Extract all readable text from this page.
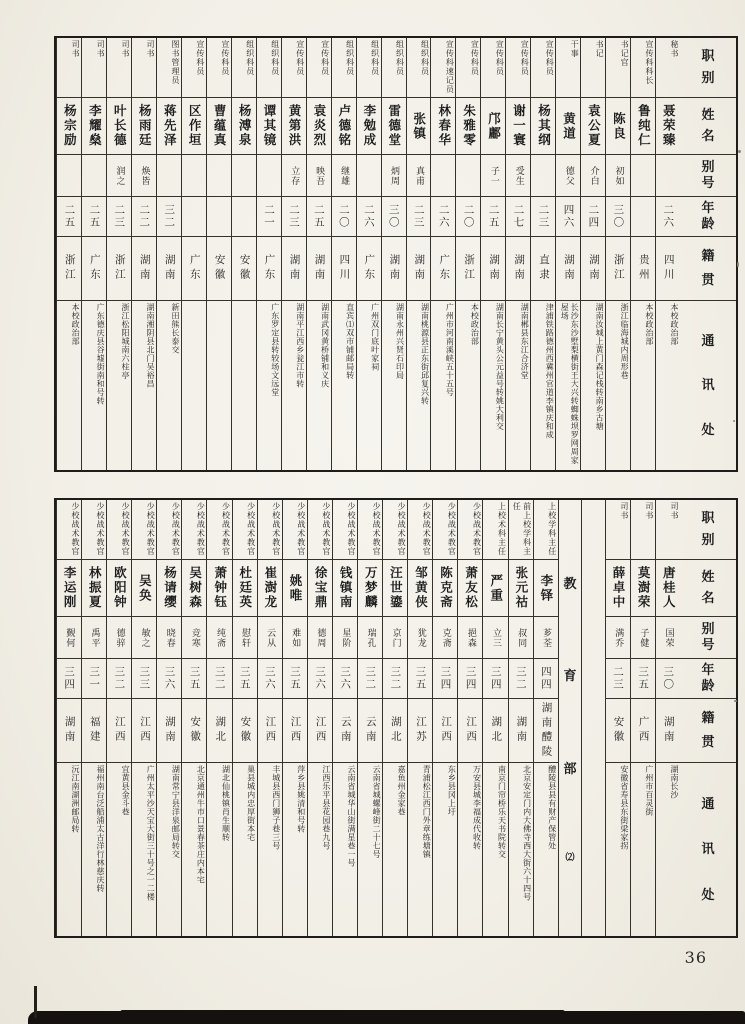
职
别
姓
名
别
号
年
龄
籍
贯
通
讯
处
秘书
聂荣臻
二六
四川
本校政治部
宣传科科长
鲁纯仁
贵州
本校政治部
书记官
陈良
初如
三〇
浙江
浙江临海城内周形巷
书记
袁公夏
介白
二四
湖南
湖南汝城上黄门森记栈转南乡古塘
干事
黄道
德父
四六
湖南
长沙东沙墅梨横街王大兴转蜘蛛坝罗网周家屋场
宣传科员
杨其纲
二三
直隶
津浦铁路德州西冀州官道李镇庆和成
宣传科员
谢一寰
受生
二七
湖南
湖南郴县东江合济堂
宣传科员
邝鄘
子一
二五
湖南
湖南长宁黄头公元益号转姚大利交
宣传科员
朱雅零
二〇
浙江
本校政治部
宣传科速记员
林春华
二六
广东
广州市河南溪峡五十五号
组织科员
张镇
真甫
二三
湖南
湖南桃源县正东街邱复兴转
组织科员
雷德堂
炳周
三〇
湖南
湖南永州兴贤石印局
组织科员
李勉成
二六
广东
广州双门底叶家祠
组织科员
卢德铭
继雄
二〇
四川
直宾⑴双市铺邮局转
宣传科员
袁炎烈
映吾
二五
湖南
湖南武冈黄桥铺和义庆
宣传科员
黄第洪
立存
二三
湖南
湖南平江西乡瓮江市转
组织科员
谭其镜
二一
广东
广东罗定县转较场文远堂
组织科员
杨溥泉
安徽
宣传科员
曹蕴真
安徽
宣传科员
区作垣
广东
图书管理员
蒋先泽
三二
湖南
新田熊长泰交
司书
杨雨廷
焕皆
二二
湖南
湖南湘阴县北门吴裕昌
司书
叶长德
润之
二三
浙江
浙江松阳城南六柱亭
司书
李耀燊
二五
广东
广东德庆县谷墟街南和号转
司书
杨宗励
二五
浙江
本校政治部
职
别
姓
名
别
号
年
龄
籍
贯
通
讯
处
司书
唐桂人
国荣
三〇
湖南
湖南长沙
司书
莫澍荣
子健
三五
广西
广州市百灵街
司书
薛卓中
满乔
二三
安徽
安徽省寿县东街梁家拐
教
育
部
⑵
上校学科主任
李铎
芗荃
四四
湖南醴陵
醴陵县县有财产保管处
前上校学科主任
张元祜
叔同
三二
湖南
北京安定门内大佛寺西大街六十四号
上校术科主任
严重
立三
三四
湖北
南京门帘桥乐天书院转交
少校战术教官
萧友松
挹森
三四
江西
万安县城李福成代收转
少校战术教官
陈克斋
克斋
三四
江西
东乡县冈上圩
少校战术教官
邹黄侠
犹龙
三五
江苏
青浦松江西门外章练塘镇
少校战术教官
汪世鎏
京门
三二
湖北
嘉鱼州金家巷
少校战术教官
万梦麟
瑞孔
三二
云南
云南省城螺峰街二十七号
少校战术教官
钱镇南
星阶
三六
云南
云南省城华山街满星巷一号
少校战术教官
徐宝鼎
德周
三六
江西
江西乐平县花园巷九号
少校战术教官
姚唯
难如
三五
江西
萍乡县姚清和号转
少校战术教官
崔澍龙
云从
三六
江西
丰城县西门狮子巷三号
少校战术教官
杜廷英
慰轩
三五
安徽
巢县城内忠厚街本宅
少校战术教官
萧钟钰
纯斋
三二
湖北
湖北仙桃镇肖生顺转
少校战术教官
吴树森
竞寒
三五
安徽
北京通州牛市口景春茶庄内本宅
少校战术教官
杨请缨
晓春
三六
湖南
湖南常宁县洋泉邮局转交
少校战术教官
吴奂
敏之
三三
江西
广州太平沙天宝大街三十号之一二楼
少校战术教官
欧阳钟
德骍
三二
江西
宜黄县金斗巷
少校战术教官
林振夏
禹平
三一
福建
福州南台泛船浦太古洋行林慈庆转
少校战术教官
李运刚
觐何
三四
湖南
沅江南湖洲邮局转
36
